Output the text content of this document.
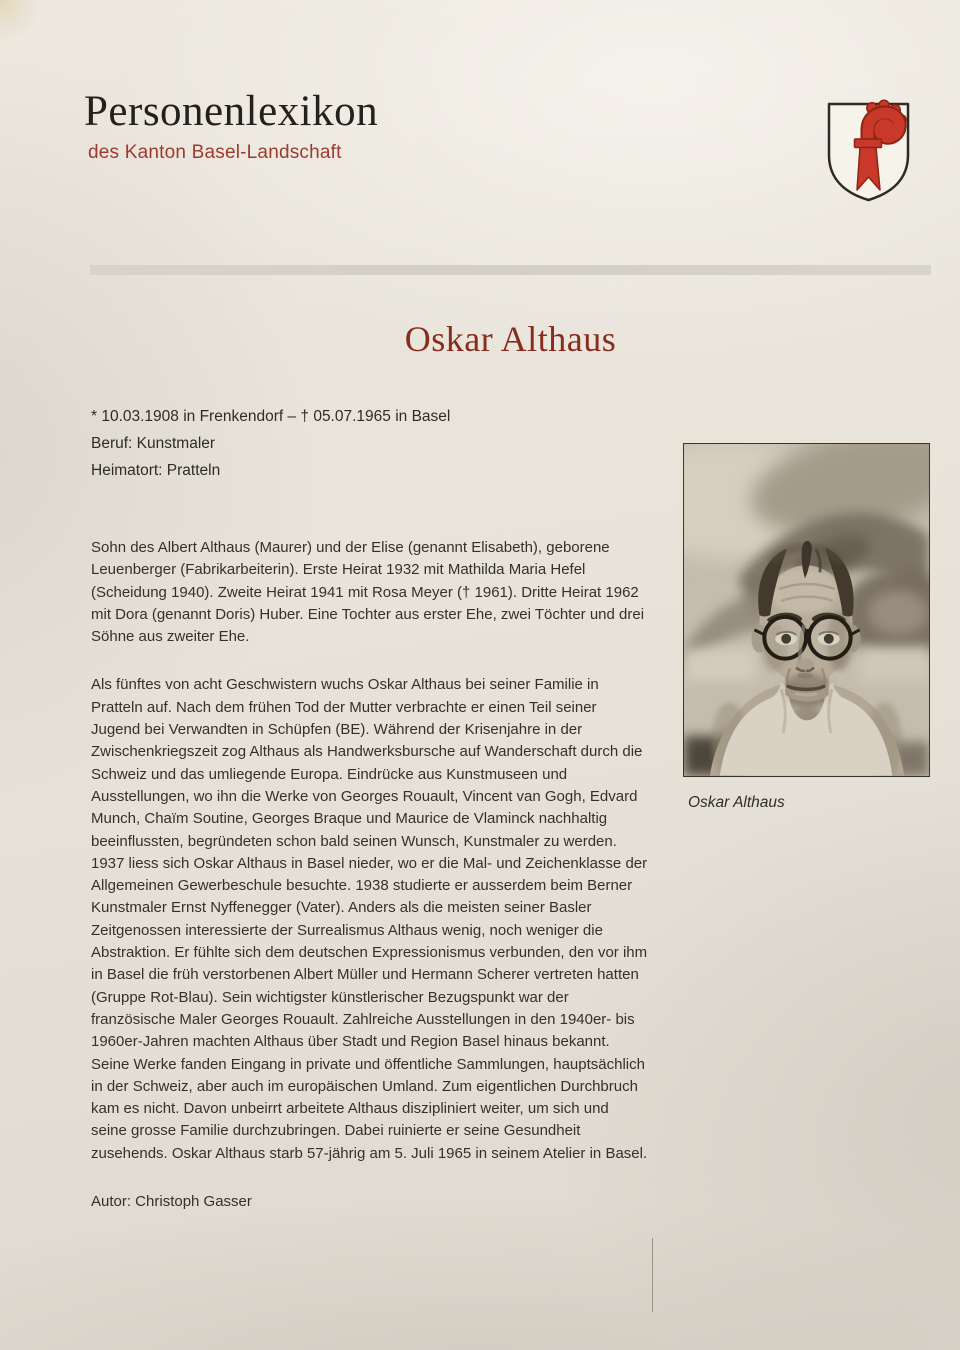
Personenlexikon
des Kanton Basel-Landschaft
Oskar Althaus
* 10.03.1908 in Frenkendorf – † 05.07.1965 in Basel
Beruf: Kunstmaler
Heimatort: Pratteln

Sohn des Albert Althaus (Maurer) und der Elise (genannt Elisabeth), geborene Leuenberger (Fabrikarbeiterin). Erste Heirat 1932 mit Mathilda Maria Hefel (Scheidung 1940). Zweite Heirat 1941 mit Rosa Meyer († 1961). Dritte Heirat 1962 mit Dora (genannt Doris) Huber. Eine Tochter aus erster Ehe, zwei Töchter und drei Söhne aus zweiter Ehe.

Als fünftes von acht Geschwistern wuchs Oskar Althaus bei seiner Familie in Pratteln auf. Nach dem frühen Tod der Mutter verbrachte er einen Teil seiner Jugend bei Verwandten in Schüpfen (BE). Während der Krisenjahre in der Zwischenkriegszeit zog Althaus als Handwerksbursche auf Wanderschaft durch die Schweiz und das umliegende Europa. Eindrücke aus Kunstmuseen und Ausstellungen, wo ihn die Werke von Georges Rouault, Vincent van Gogh, Edvard Munch, Chaïm Soutine, Georges Braque und Maurice de Vlaminck nachhaltig beeinflussten, begründeten schon bald seinen Wunsch, Kunstmaler zu werden. 1937 liess sich Oskar Althaus in Basel nieder, wo er die Mal- und Zeichenklasse der Allgemeinen Gewerbeschule besuchte. 1938 studierte er ausserdem beim Berner Kunstmaler Ernst Nyffenegger (Vater). Anders als die meisten seiner Basler Zeitgenossen interessierte der Surrealismus Althaus wenig, noch weniger die Abstraktion. Er fühlte sich dem deutschen Expressionismus verbunden, den vor ihm in Basel die früh verstorbenen Albert Müller und Hermann Scherer vertreten hatten (Gruppe Rot-Blau). Sein wichtigster künstlerischer Bezugspunkt war der französische Maler Georges Rouault. Zahlreiche Ausstellungen in den 1940er- bis 1960er-Jahren machten Althaus über Stadt und Region Basel hinaus bekannt. Seine Werke fanden Eingang in private und öffentliche Sammlungen, hauptsächlich in der Schweiz, aber auch im europäischen Umland. Zum eigentlichen Durchbruch kam es nicht. Davon unbeirrt arbeitete Althaus diszipliniert weiter, um sich und seine grosse Familie durchzubringen. Dabei ruinierte er seine Gesundheit zusehends. Oskar Althaus starb 57-jährig am 5. Juli 1965 in seinem Atelier in Basel.

Autor: Christoph Gasser
Oskar Althaus
